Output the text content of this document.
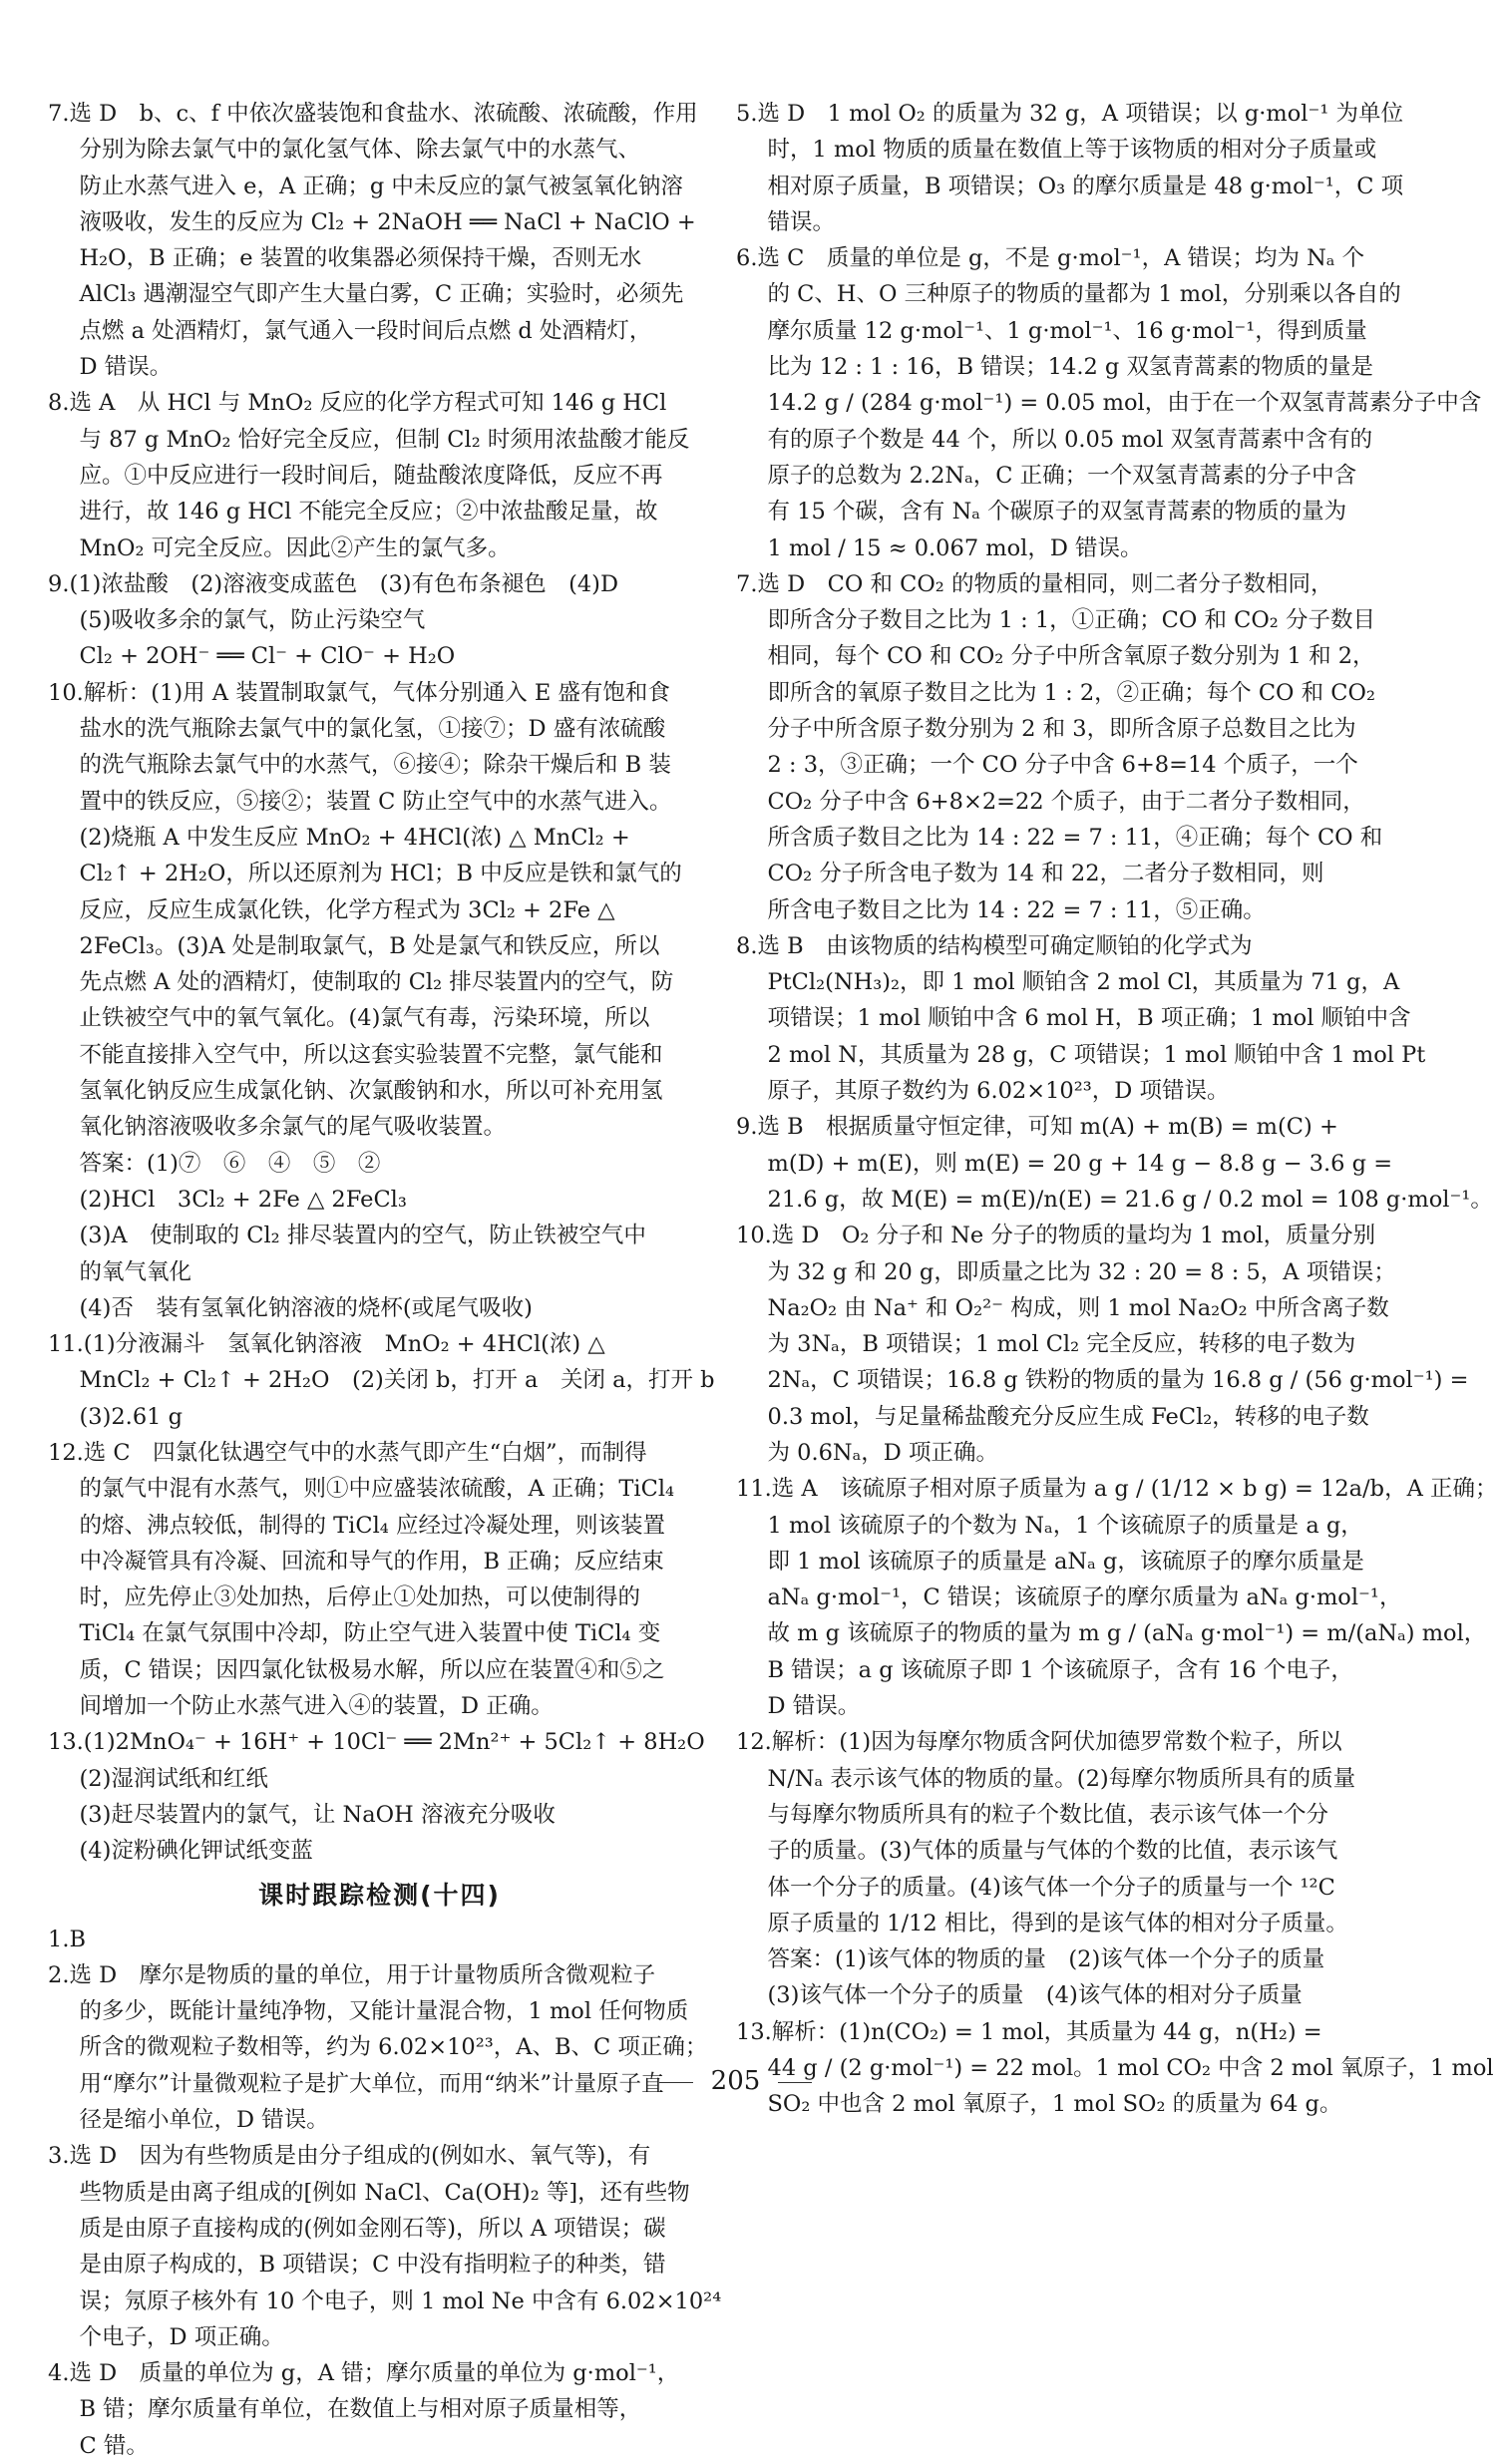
7.选 D　b、c、f 中依次盛装饱和食盐水、浓硫酸、浓硫酸，作用
分别为除去氯气中的氯化氢气体、除去氯气中的水蒸气、
防止水蒸气进入 e，A 正确；g 中未反应的氯气被氢氧化钠溶
液吸收，发生的反应为 Cl₂ + 2NaOH ══ NaCl + NaClO +
H₂O，B 正确；e 装置的收集器必须保持干燥，否则无水
AlCl₃ 遇潮湿空气即产生大量白雾，C 正确；实验时，必须先
点燃 a 处酒精灯，氯气通入一段时间后点燃 d 处酒精灯，
D 错误。
8.选 A　从 HCl 与 MnO₂ 反应的化学方程式可知 146 g HCl
与 87 g MnO₂ 恰好完全反应，但制 Cl₂ 时须用浓盐酸才能反
应。①中反应进行一段时间后，随盐酸浓度降低，反应不再
进行，故 146 g HCl 不能完全反应；②中浓盐酸足量，故
MnO₂ 可完全反应。因此②产生的氯气多。
9.(1)浓盐酸　(2)溶液变成蓝色　(3)有色布条褪色　(4)D
(5)吸收多余的氯气，防止污染空气
Cl₂ + 2OH⁻ ══ Cl⁻ + ClO⁻ + H₂O
10.解析：(1)用 A 装置制取氯气，气体分别通入 E 盛有饱和食
盐水的洗气瓶除去氯气中的氯化氢，①接⑦；D 盛有浓硫酸
的洗气瓶除去氯气中的水蒸气，⑥接④；除杂干燥后和 B 装
置中的铁反应，⑤接②；装置 C 防止空气中的水蒸气进入。
(2)烧瓶 A 中发生反应 MnO₂ + 4HCl(浓) △ MnCl₂ +
Cl₂↑ + 2H₂O，所以还原剂为 HCl；B 中反应是铁和氯气的
反应，反应生成氯化铁，化学方程式为 3Cl₂ + 2Fe △
2FeCl₃。(3)A 处是制取氯气，B 处是氯气和铁反应，所以
先点燃 A 处的酒精灯，使制取的 Cl₂ 排尽装置内的空气，防
止铁被空气中的氧气氧化。(4)氯气有毒，污染环境，所以
不能直接排入空气中，所以这套实验装置不完整，氯气能和
氢氧化钠反应生成氯化钠、次氯酸钠和水，所以可补充用氢
氧化钠溶液吸收多余氯气的尾气吸收装置。
答案：(1)⑦　⑥　④　⑤　②
(2)HCl　3Cl₂ + 2Fe △ 2FeCl₃
(3)A　使制取的 Cl₂ 排尽装置内的空气，防止铁被空气中
的氧气氧化
(4)否　装有氢氧化钠溶液的烧杯(或尾气吸收)
11.(1)分液漏斗　氢氧化钠溶液　MnO₂ + 4HCl(浓) △
MnCl₂ + Cl₂↑ + 2H₂O　(2)关闭 b，打开 a　关闭 a，打开 b
(3)2.61 g
12.选 C　四氯化钛遇空气中的水蒸气即产生“白烟”，而制得
的氯气中混有水蒸气，则①中应盛装浓硫酸，A 正确；TiCl₄
的熔、沸点较低，制得的 TiCl₄ 应经过冷凝处理，则该装置
中冷凝管具有冷凝、回流和导气的作用，B 正确；反应结束
时，应先停止③处加热，后停止①处加热，可以使制得的
TiCl₄ 在氯气氛围中冷却，防止空气进入装置中使 TiCl₄ 变
质，C 错误；因四氯化钛极易水解，所以应在装置④和⑤之
间增加一个防止水蒸气进入④的装置，D 正确。
13.(1)2MnO₄⁻ + 16H⁺ + 10Cl⁻ ══ 2Mn²⁺ + 5Cl₂↑ + 8H₂O
(2)湿润试纸和红纸
(3)赶尽装置内的氯气，让 NaOH 溶液充分吸收
(4)淀粉碘化钾试纸变蓝
课时跟踪检测(十四)
1.B
2.选 D　摩尔是物质的量的单位，用于计量物质所含微观粒子
的多少，既能计量纯净物，又能计量混合物，1 mol 任何物质
所含的微观粒子数相等，约为 6.02×10²³，A、B、C 项正确；
用“摩尔”计量微观粒子是扩大单位，而用“纳米”计量原子直
径是缩小单位，D 错误。
3.选 D　因为有些物质是由分子组成的(例如水、氧气等)，有
些物质是由离子组成的[例如 NaCl、Ca(OH)₂ 等]，还有些物
质是由原子直接构成的(例如金刚石等)，所以 A 项错误；碳
是由原子构成的，B 项错误；C 中没有指明粒子的种类，错
误；氖原子核外有 10 个电子，则 1 mol Ne 中含有 6.02×10²⁴
个电子，D 项正确。
4.选 D　质量的单位为 g，A 错；摩尔质量的单位为 g·mol⁻¹，
B 错；摩尔质量有单位，在数值上与相对原子质量相等，
C 错。
5.选 D　1 mol O₂ 的质量为 32 g，A 项错误；以 g·mol⁻¹ 为单位
时，1 mol 物质的质量在数值上等于该物质的相对分子质量或
相对原子质量，B 项错误；O₃ 的摩尔质量是 48 g·mol⁻¹，C 项
错误。
6.选 C　质量的单位是 g，不是 g·mol⁻¹，A 错误；均为 Nₐ 个
的 C、H、O 三种原子的物质的量都为 1 mol，分别乘以各自的
摩尔质量 12 g·mol⁻¹、1 g·mol⁻¹、16 g·mol⁻¹，得到质量
比为 12 : 1 : 16，B 错误；14.2 g 双氢青蒿素的物质的量是
14.2 g / (284 g·mol⁻¹) = 0.05 mol，由于在一个双氢青蒿素分子中含
有的原子个数是 44 个，所以 0.05 mol 双氢青蒿素中含有的
原子的总数为 2.2Nₐ，C 正确；一个双氢青蒿素的分子中含
有 15 个碳，含有 Nₐ 个碳原子的双氢青蒿素的物质的量为
1 mol / 15 ≈ 0.067 mol，D 错误。
7.选 D　CO 和 CO₂ 的物质的量相同，则二者分子数相同，
即所含分子数目之比为 1 : 1，①正确；CO 和 CO₂ 分子数目
相同，每个 CO 和 CO₂ 分子中所含氧原子数分别为 1 和 2，
即所含的氧原子数目之比为 1 : 2，②正确；每个 CO 和 CO₂
分子中所含原子数分别为 2 和 3，即所含原子总数目之比为
2 : 3，③正确；一个 CO 分子中含 6+8=14 个质子，一个
CO₂ 分子中含 6+8×2=22 个质子，由于二者分子数相同，
所含质子数目之比为 14 : 22 = 7 : 11，④正确；每个 CO 和
CO₂ 分子所含电子数为 14 和 22，二者分子数相同，则
所含电子数目之比为 14 : 22 = 7 : 11，⑤正确。
8.选 B　由该物质的结构模型可确定顺铂的化学式为
PtCl₂(NH₃)₂，即 1 mol 顺铂含 2 mol Cl，其质量为 71 g，A
项错误；1 mol 顺铂中含 6 mol H，B 项正确；1 mol 顺铂中含
2 mol N，其质量为 28 g，C 项错误；1 mol 顺铂中含 1 mol Pt
原子，其原子数约为 6.02×10²³，D 项错误。
9.选 B　根据质量守恒定律，可知 m(A) + m(B) = m(C) +
m(D) + m(E)，则 m(E) = 20 g + 14 g − 8.8 g − 3.6 g =
21.6 g，故 M(E) = m(E)/n(E) = 21.6 g / 0.2 mol = 108 g·mol⁻¹。
10.选 D　O₂ 分子和 Ne 分子的物质的量均为 1 mol，质量分别
为 32 g 和 20 g，即质量之比为 32 : 20 = 8 : 5，A 项错误；
Na₂O₂ 由 Na⁺ 和 O₂²⁻ 构成，则 1 mol Na₂O₂ 中所含离子数
为 3Nₐ，B 项错误；1 mol Cl₂ 完全反应，转移的电子数为
2Nₐ，C 项错误；16.8 g 铁粉的物质的量为 16.8 g / (56 g·mol⁻¹) =
0.3 mol，与足量稀盐酸充分反应生成 FeCl₂，转移的电子数
为 0.6Nₐ，D 项正确。
11.选 A　该硫原子相对原子质量为 a g / (1/12 × b g) = 12a/b，A 正确；
1 mol 该硫原子的个数为 Nₐ，1 个该硫原子的质量是 a g，
即 1 mol 该硫原子的质量是 aNₐ g，该硫原子的摩尔质量是
aNₐ g·mol⁻¹，C 错误；该硫原子的摩尔质量为 aNₐ g·mol⁻¹，
故 m g 该硫原子的物质的量为 m g / (aNₐ g·mol⁻¹) = m/(aNₐ) mol，
B 错误；a g 该硫原子即 1 个该硫原子，含有 16 个电子，
D 错误。
12.解析：(1)因为每摩尔物质含阿伏加德罗常数个粒子，所以
N/Nₐ 表示该气体的物质的量。(2)每摩尔物质所具有的质量
与每摩尔物质所具有的粒子个数比值，表示该气体一个分
子的质量。(3)气体的质量与气体的个数的比值，表示该气
体一个分子的质量。(4)该气体一个分子的质量与一个 ¹²C
原子质量的 1/12 相比，得到的是该气体的相对分子质量。
答案：(1)该气体的物质的量　(2)该气体一个分子的质量
(3)该气体一个分子的质量　(4)该气体的相对分子质量
13.解析：(1)n(CO₂) = 1 mol，其质量为 44 g，n(H₂) =
44 g / (2 g·mol⁻¹) = 22 mol。1 mol CO₂ 中含 2 mol 氧原子，1 mol
SO₂ 中也含 2 mol 氧原子，1 mol SO₂ 的质量为 64 g。
205
